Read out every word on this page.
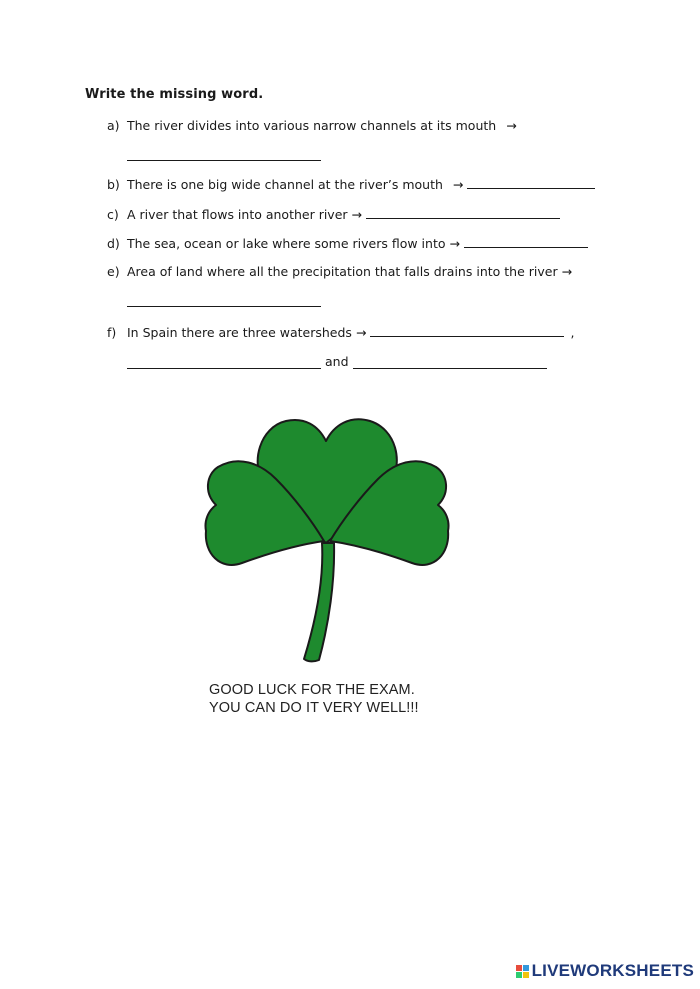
Write the missing word.
a) The river divides into various narrow channels at its mouth →
b) There is one big wide channel at the river’s mouth →
c) A river that flows into another river →
d) The sea, ocean or lake where some rivers flow into →
e) Area of land where all the precipitation that falls drains into the river →
f) In Spain there are three watersheds →	,
and
GOOD LUCK FOR THE EXAM.
YOU CAN DO IT VERY WELL!!!
LIVEWORKSHEETS
